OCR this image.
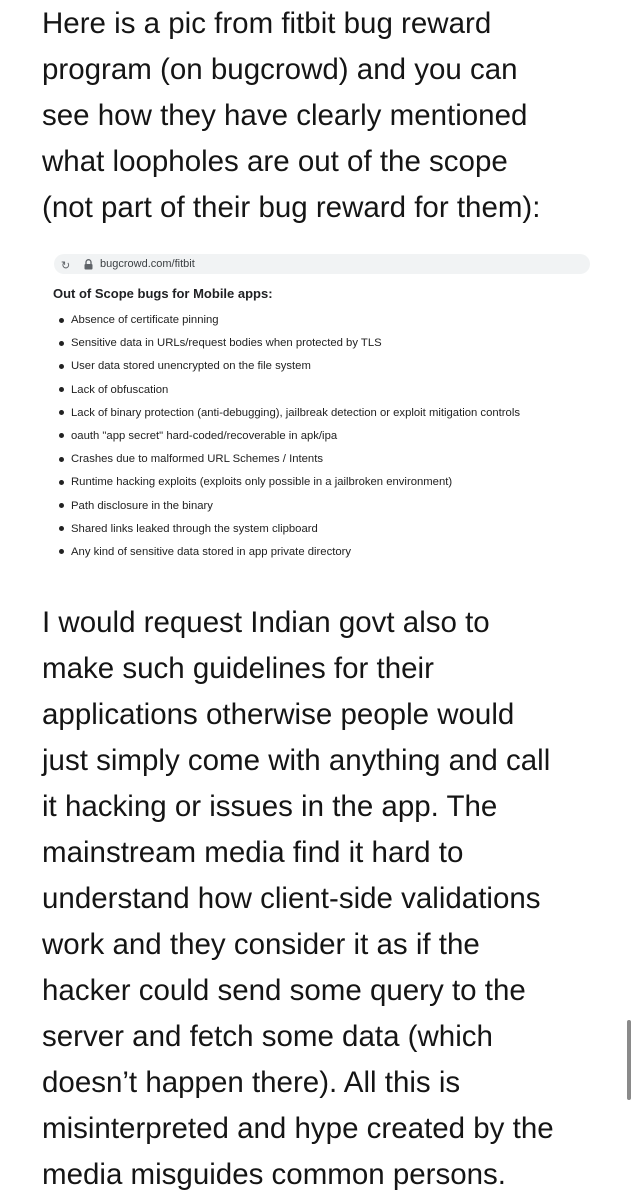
Here is a pic from fitbit bug reward
program (on bugcrowd) and you can
see how they have clearly mentioned
what loopholes are out of the scope
(not part of their bug reward for them):

↻	bugcrowd.com/fitbit
Out of Scope bugs for Mobile apps:
Absence of certificate pinning
Sensitive data in URLs/request bodies when protected by TLS
User data stored unencrypted on the file system
Lack of obfuscation
Lack of binary protection (anti-debugging), jailbreak detection or exploit mitigation controls
oauth "app secret" hard-coded/recoverable in apk/ipa
Crashes due to malformed URL Schemes / Intents
Runtime hacking exploits (exploits only possible in a jailbroken environment)
Path disclosure in the binary
Shared links leaked through the system clipboard
Any kind of sensitive data stored in app private directory

I would request Indian govt also to
make such guidelines for their
applications otherwise people would
just simply come with anything and call
it hacking or issues in the app. The
mainstream media find it hard to
understand how client-side validations
work and they consider it as if the
hacker could send some query to the
server and fetch some data (which
doesn’t happen there). All this is
misinterpreted and hype created by the
media misguides common persons.
